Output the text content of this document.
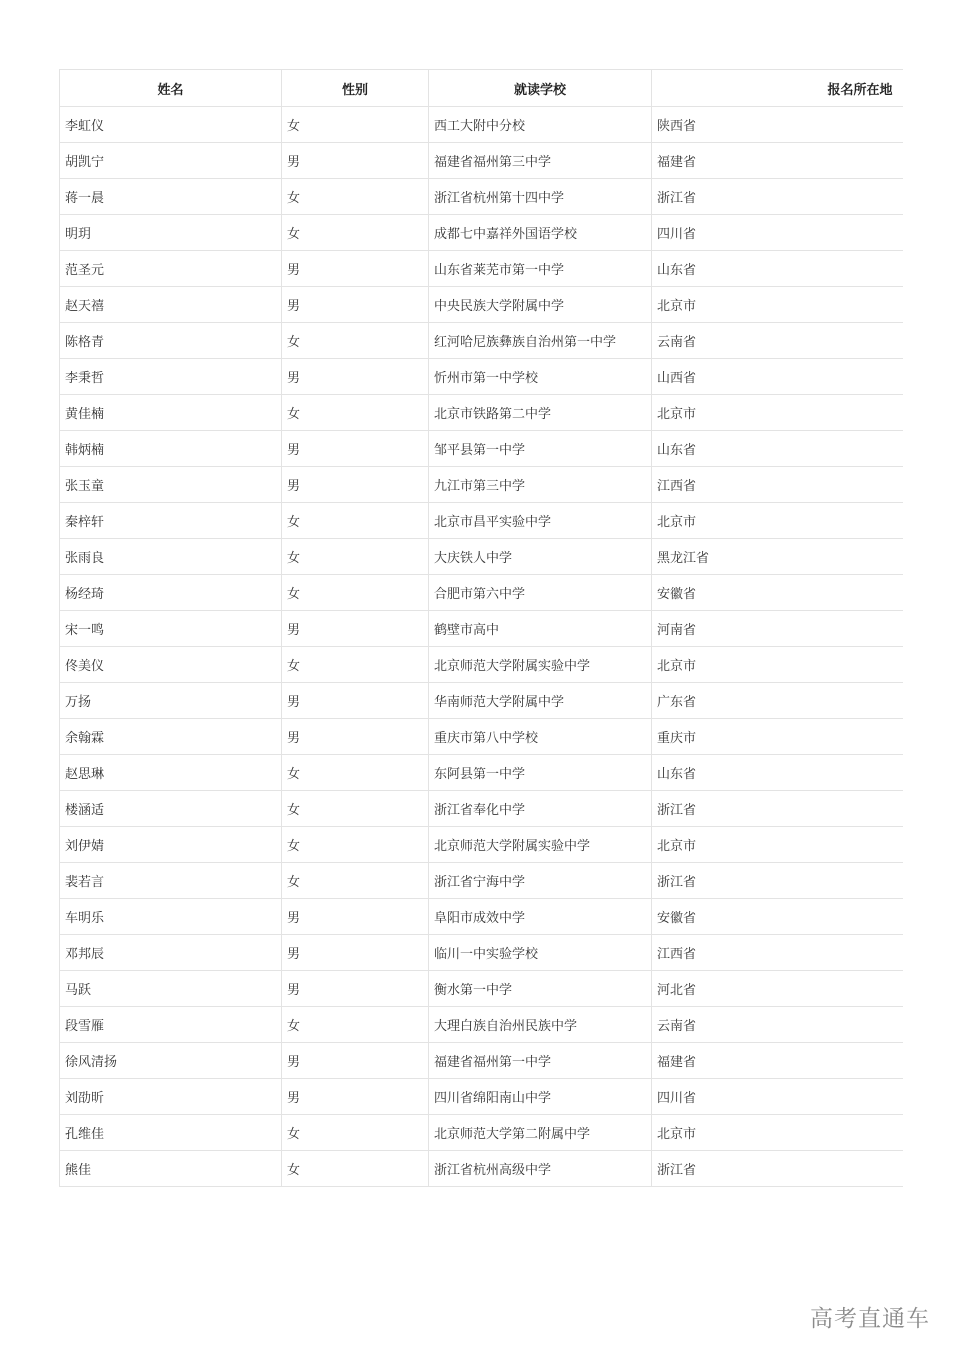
姓名	性别	就读学校	报名所在地
李虹仪	女	西工大附中分校	陕西省
胡凯宁	男	福建省福州第三中学	福建省
蒋一晨	女	浙江省杭州第十四中学	浙江省
明玥	女	成都七中嘉祥外国语学校	四川省
范圣元	男	山东省莱芜市第一中学	山东省
赵天禧	男	中央民族大学附属中学	北京市
陈格青	女	红河哈尼族彝族自治州第一中学	云南省
李秉哲	男	忻州市第一中学校	山西省
黄佳楠	女	北京市铁路第二中学	北京市
韩炳楠	男	邹平县第一中学	山东省
张玉童	男	九江市第三中学	江西省
秦梓轩	女	北京市昌平实验中学	北京市
张雨良	女	大庆铁人中学	黑龙江省
杨经琦	女	合肥市第六中学	安徽省
宋一鸣	男	鹤壁市高中	河南省
佟美仪	女	北京师范大学附属实验中学	北京市
万扬	男	华南师范大学附属中学	广东省
余翰霖	男	重庆市第八中学校	重庆市
赵思琳	女	东阿县第一中学	山东省
楼涵适	女	浙江省奉化中学	浙江省
刘伊婧	女	北京师范大学附属实验中学	北京市
裴若言	女	浙江省宁海中学	浙江省
车明乐	男	阜阳市成效中学	安徽省
邓邦辰	男	临川一中实验学校	江西省
马跃	男	衡水第一中学	河北省
段雪雁	女	大理白族自治州民族中学	云南省
徐风清扬	男	福建省福州第一中学	福建省
刘劭昕	男	四川省绵阳南山中学	四川省
孔维佳	女	北京师范大学第二附属中学	北京市
熊佳	女	浙江省杭州高级中学	浙江省
高考直通车
